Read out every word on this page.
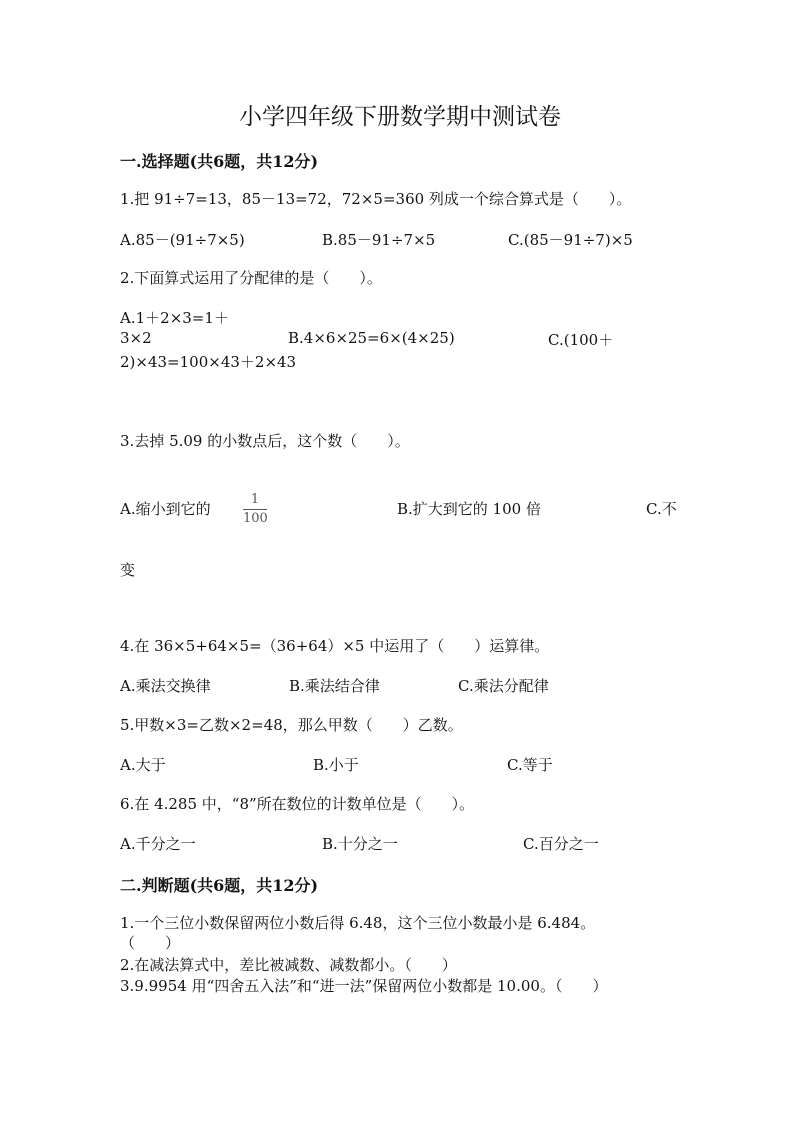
小学四年级下册数学期中测试卷
一.选择题(共6题，共12分)
1.把 91÷7=13，85－13=72，72×5=360 列成一个综合算式是（　　）。
A.85－(91÷7×5)	B.85－91÷7×5	C.(85－91÷7)×5
2.下面算式运用了分配律的是（　　）。
A.1＋2×3=1＋
3×2	B.4×6×25=6×(4×25)	C.(100＋
2)×43=100×43＋2×43
3.去掉 5.09 的小数点后，这个数（　　）。
A.缩小到它的
1
100
B.扩大到它的 100 倍	C.不
变
4.在 36×5+64×5=（36+64）×5 中运用了（　　）运算律。
A.乘法交换律	B.乘法结合律	C.乘法分配律
5.甲数×3=乙数×2=48，那么甲数（　　）乙数。
A.大于	B.小于	C.等于
6.在 4.285 中，“8”所在数位的计数单位是（　　）。
A.千分之一	B.十分之一	C.百分之一
二.判断题(共6题，共12分)
1.一个三位小数保留两位小数后得 6.48，这个三位小数最小是 6.484。
（　　）
2.在减法算式中，差比被减数、减数都小。（　　）
3.9.9954 用“四舍五入法”和“进一法”保留两位小数都是 10.00。（　　）
